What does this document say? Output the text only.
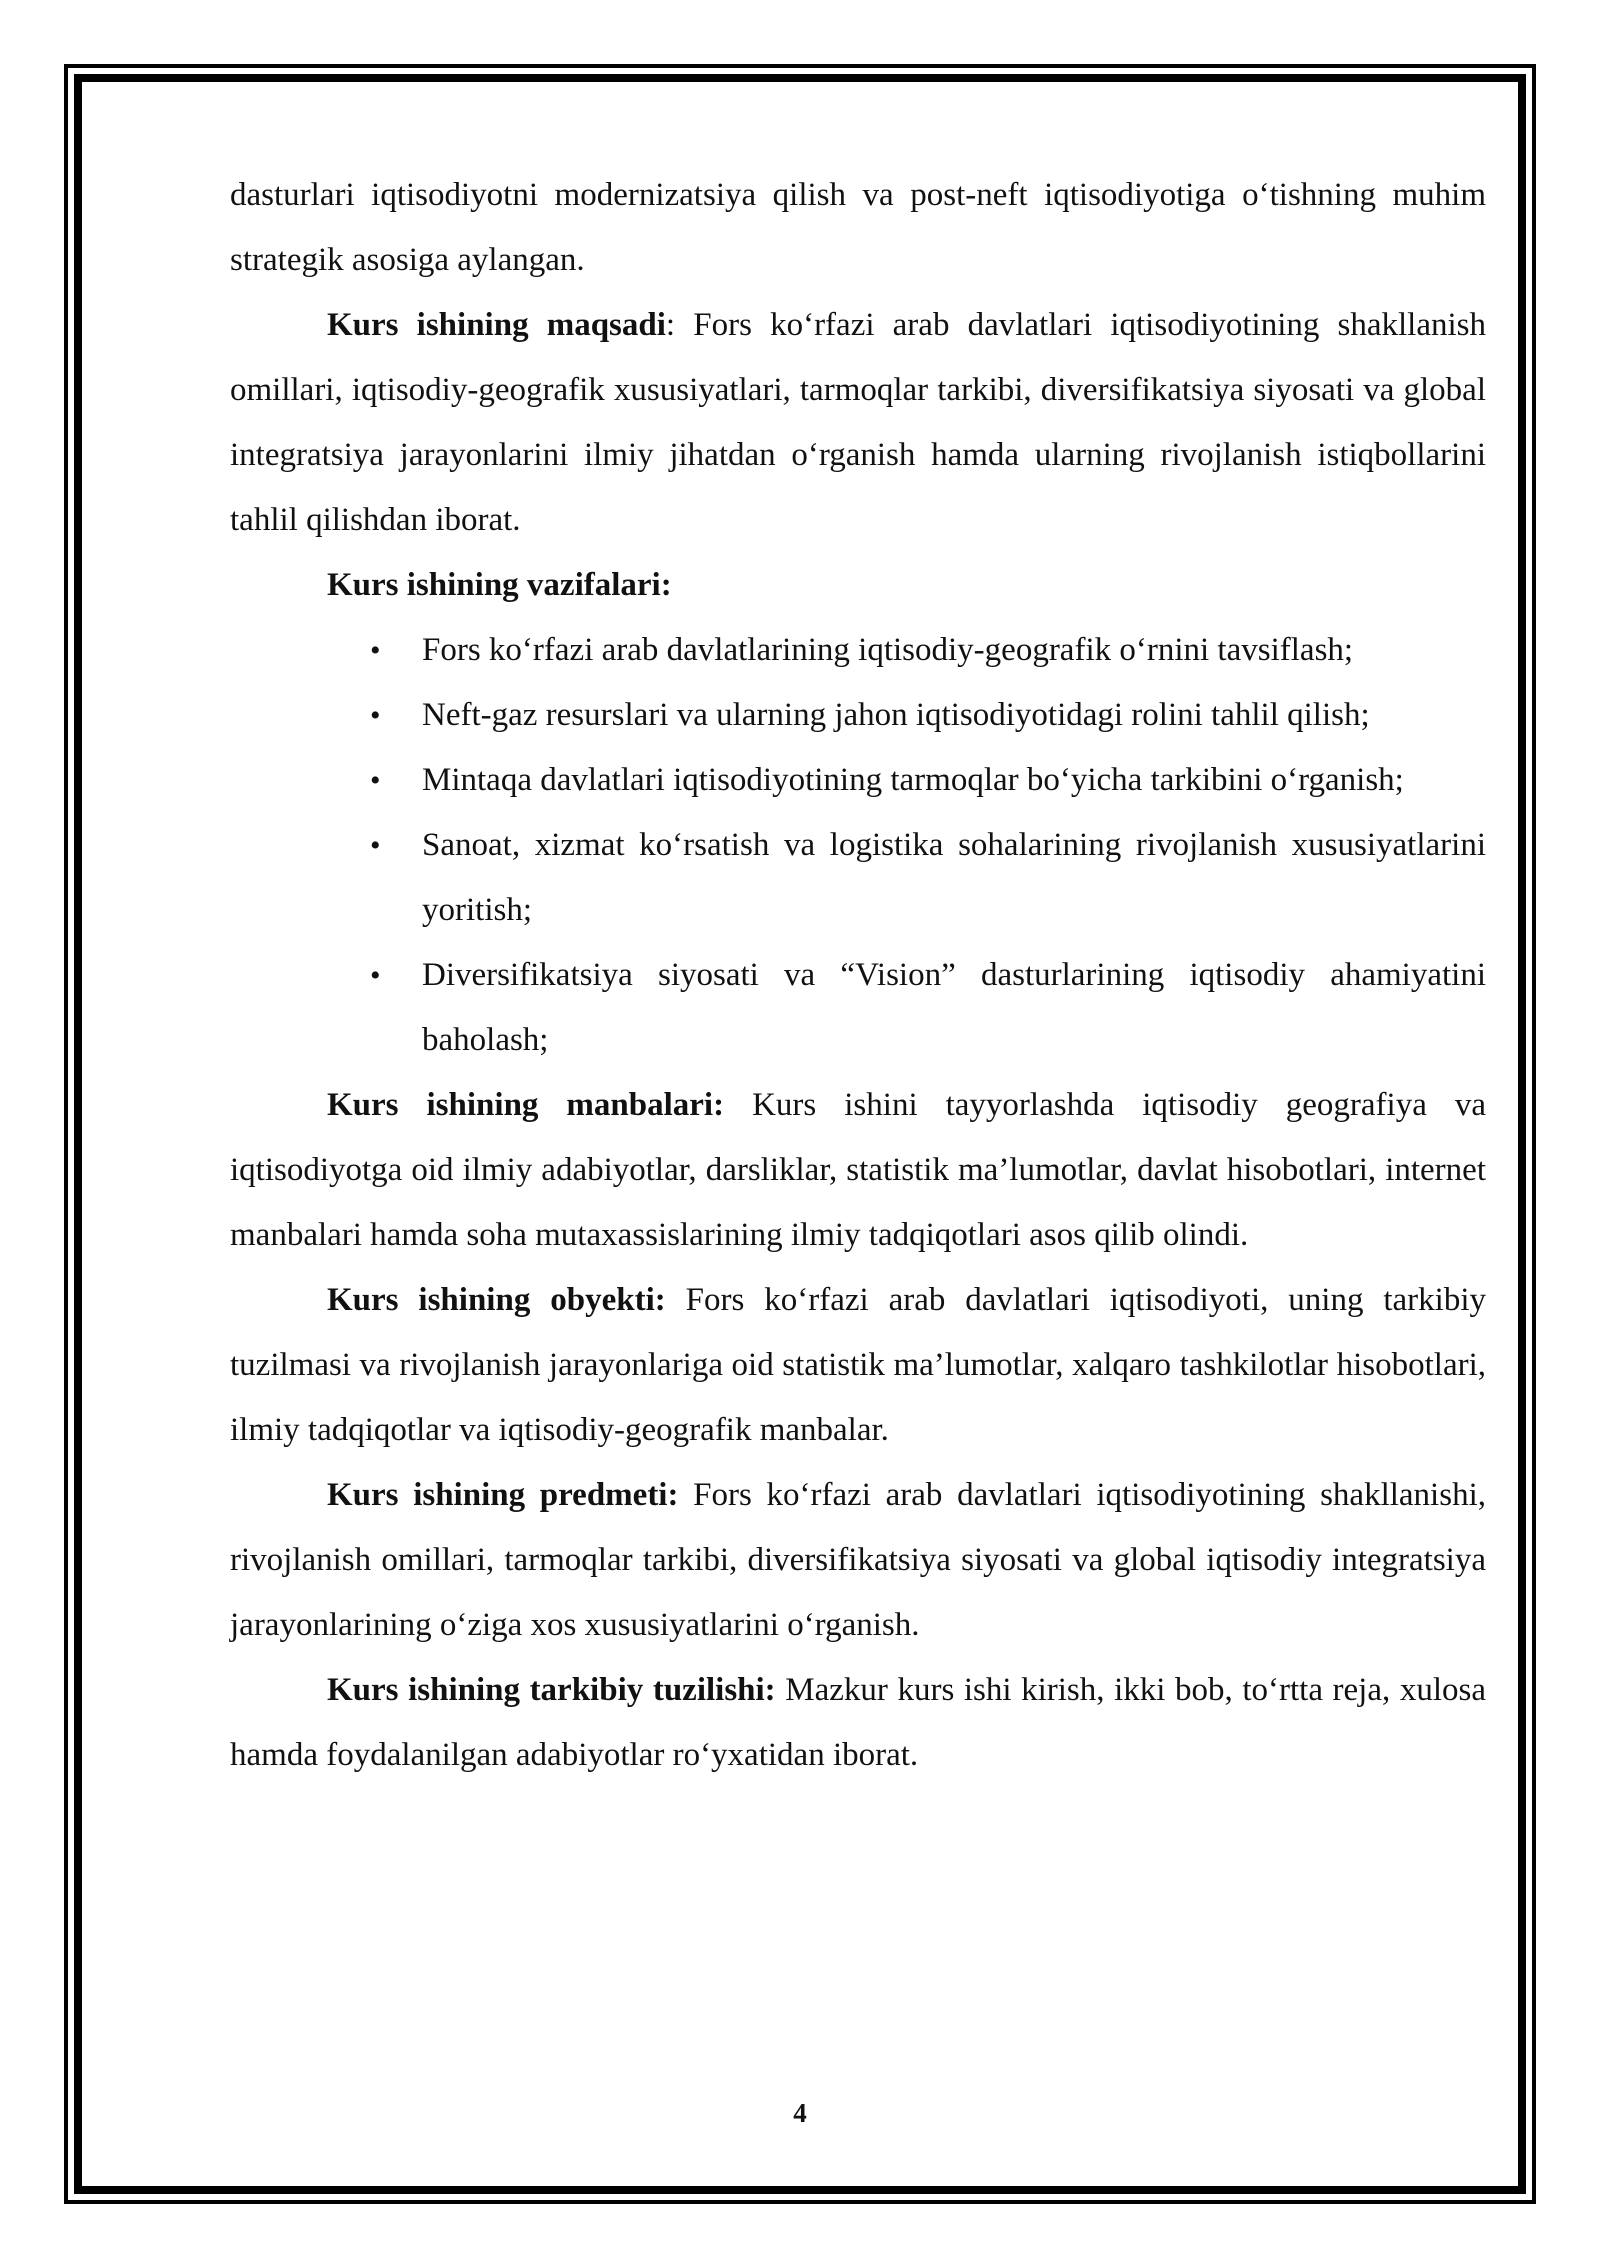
dasturlari iqtisodiyotni modernizatsiya qilish va post-neft iqtisodiyotiga o‘tishning muhim strategik asosiga aylangan.

Kurs ishining maqsadi: Fors ko‘rfazi arab davlatlari iqtisodiyotining shakllanish omillari, iqtisodiy-geografik xususiyatlari, tarmoqlar tarkibi, diversifikatsiya siyosati va global integratsiya jarayonlarini ilmiy jihatdan o‘rganish hamda ularning rivojlanish istiqbollarini tahlil qilishdan iborat.

Kurs ishining vazifalari:

• Fors ko‘rfazi arab davlatlarining iqtisodiy-geografik o‘rnini tavsiflash;
• Neft-gaz resurslari va ularning jahon iqtisodiyotidagi rolini tahlil qilish;
• Mintaqa davlatlari iqtisodiyotining tarmoqlar bo‘yicha tarkibini o‘rganish;
• Sanoat, xizmat ko‘rsatish va logistika sohalarining rivojlanish xususiyatlarini yoritish;
• Diversifikatsiya siyosati va “Vision” dasturlarining iqtisodiy ahamiyatini baholash;

Kurs ishining manbalari: Kurs ishini tayyorlashda iqtisodiy geografiya va iqtisodiyotga oid ilmiy adabiyotlar, darsliklar, statistik ma’lumotlar, davlat hisobotlari, internet manbalari hamda soha mutaxassislarining ilmiy tadqiqotlari asos qilib olindi.

Kurs ishining obyekti: Fors ko‘rfazi arab davlatlari iqtisodiyoti, uning tarkibiy tuzilmasi va rivojlanish jarayonlariga oid statistik ma’lumotlar, xalqaro tashkilotlar hisobotlari, ilmiy tadqiqotlar va iqtisodiy-geografik manbalar.

Kurs ishining predmeti: Fors ko‘rfazi arab davlatlari iqtisodiyotining shakllanishi, rivojlanish omillari, tarmoqlar tarkibi, diversifikatsiya siyosati va global iqtisodiy integratsiya jarayonlarining o‘ziga xos xususiyatlarini o‘rganish.

Kurs ishining tarkibiy tuzilishi: Mazkur kurs ishi kirish, ikki bob, to‘rtta reja, xulosa hamda foydalanilgan adabiyotlar ro‘yxatidan iborat.

4
